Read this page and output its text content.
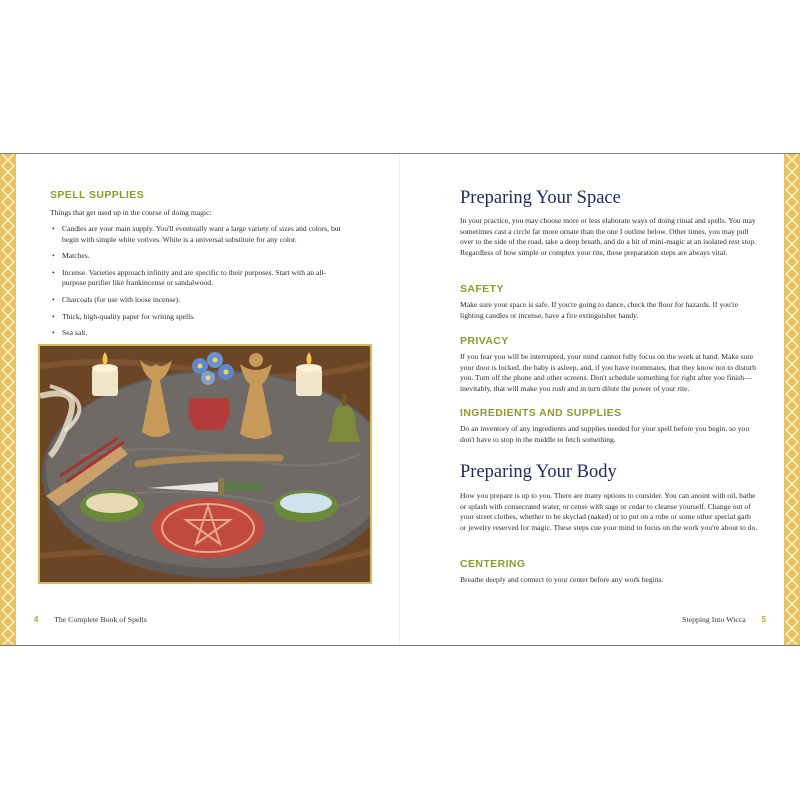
SPELL SUPPLIES

Things that get used up in the course of doing magic:

• Candles are your main supply. You'll eventually want a large variety of sizes and colors, but begin with simple white votives. White is a universal substitute for any color.
• Matches.
• Incense. Varieties approach infinity and are specific to their purposes. Start with an all-purpose purifier like frankincense or sandalwood.
• Charcoals (for use with loose incense).
• Thick, high-quality paper for writing spells.
• Sea salt.
4 The Complete Book of Spells
Preparing Your Space

In your practice, you may choose more or less elaborate ways of doing ritual and spells. You may sometimes cast a circle far more ornate than the one I outline below. Other times, you may pull over to the side of the road, take a deep breath, and do a bit of mini-magic at an isolated rest stop. Regardless of how simple or complex your rite, these preparation steps are always vital.

SAFETY

Make sure your space is safe. If you're going to dance, check the floor for hazards. If you're lighting candles or incense, have a fire extinguisher handy.

PRIVACY

If you fear you will be interrupted, your mind cannot fully focus on the work at hand. Make sure your door is locked, the baby is asleep, and, if you have roommates, that they know not to disturb you. Turn off the phone and other screens. Don't schedule something for right after you finish—inevitably, that will make you rush and in turn dilute the power of your rite.

INGREDIENTS AND SUPPLIES

Do an inventory of any ingredients and supplies needed for your spell before you begin, so you don't have to stop in the middle to fetch something.

Preparing Your Body

How you prepare is up to you. There are many options to consider. You can anoint with oil, bathe or splash with consecrated water, or cense with sage or cedar to cleanse yourself. Change out of your street clothes, whether to be skyclad (naked) or to put on a robe or some other special garb or jewelry reserved for magic. These steps cue your mind to focus on the work you're about to do.

CENTERING

Breathe deeply and connect to your center before any work begins.

Stepping Into Wicca 5
